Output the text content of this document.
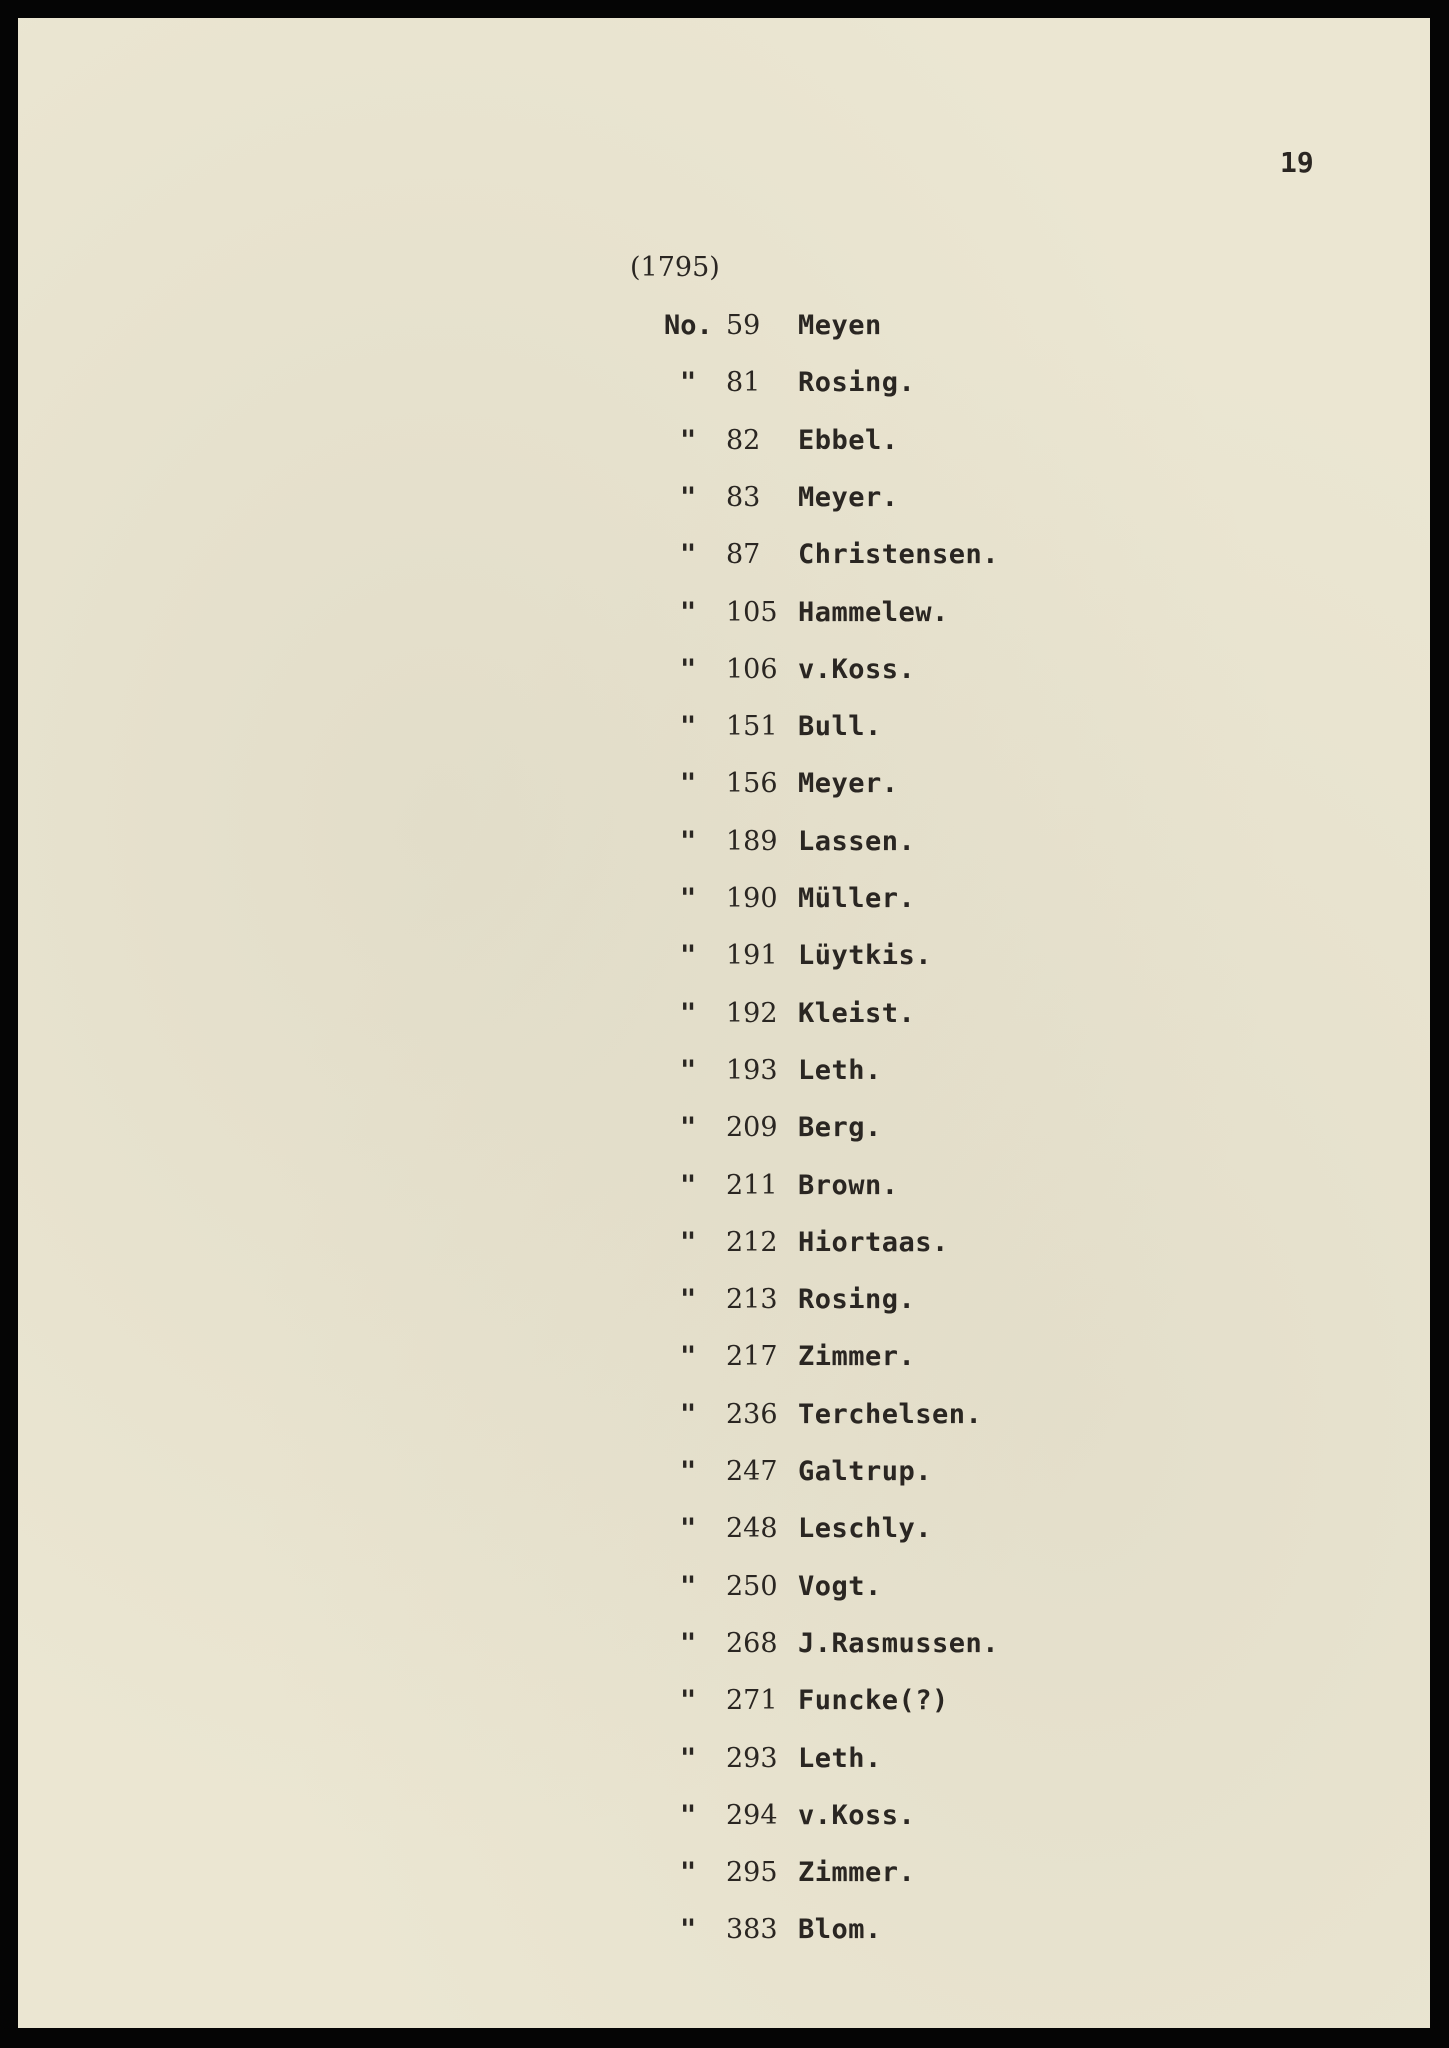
19
(1795)
No. 59 Meyen
" 81 Rosing.
" 82 Ebbel.
" 83 Meyer.
" 87 Christensen.
" 105 Hammelew.
" 106 v.Koss.
" 151 Bull.
" 156 Meyer.
" 189 Lassen.
" 190 Müller.
" 191 Lüytkis.
" 192 Kleist.
" 193 Leth.
" 209 Berg.
" 211 Brown.
" 212 Hiortaas.
" 213 Rosing.
" 217 Zimmer.
" 236 Terchelsen.
" 247 Galtrup.
" 248 Leschly.
" 250 Vogt.
" 268 J.Rasmussen.
" 271 Funcke(?)
" 293 Leth.
" 294 v.Koss.
" 295 Zimmer.
" 383 Blom.
